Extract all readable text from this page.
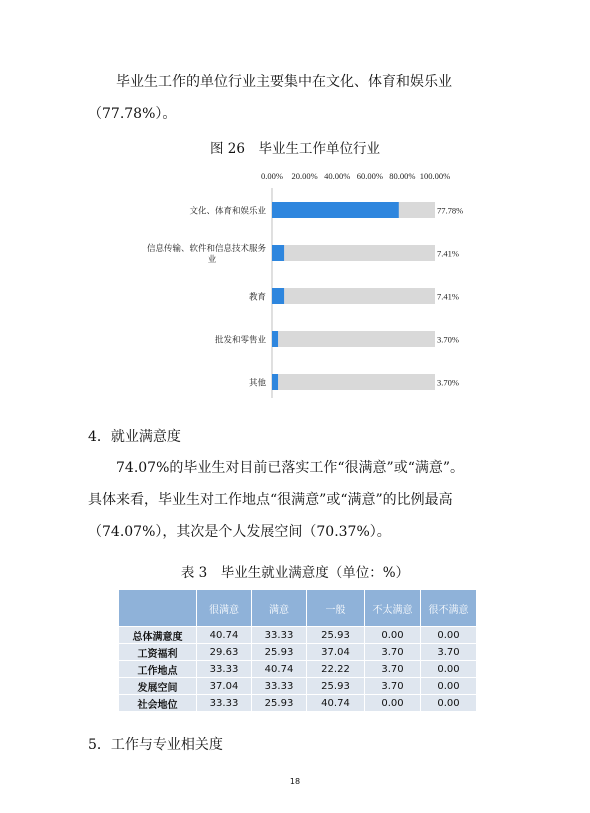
毕业生工作的单位行业主要集中在文化、体育和娱乐业
（77.78%）。

图 26　毕业生工作单位行业
0.00% 20.00% 40.00% 60.00% 80.00% 100.00%
77.78%
文化、体育和娱乐业
7.41%
信息传输、软件和信息技术服务业
7.41%
教育
3.70%
批发和零售业
3.70%
其他
4．就业满意度

74.07%的毕业生对目前已落实工作“很满意”或“满意”。
具体来看，毕业生对工作地点“很满意”或“满意”的比例最高
（74.07%），其次是个人发展空间（70.37%）。

表 3　毕业生就业满意度（单位：%）
	很满意	满意	一般	不太满意	很不满意
总体满意度	40.74	33.33	25.93	0.00	0.00
工资福利	29.63	25.93	37.04	3.70	3.70
工作地点	33.33	40.74	22.22	3.70	0.00
发展空间	37.04	33.33	25.93	3.70	0.00
社会地位	33.33	25.93	40.74	0.00	0.00
5．工作与专业相关度
18
